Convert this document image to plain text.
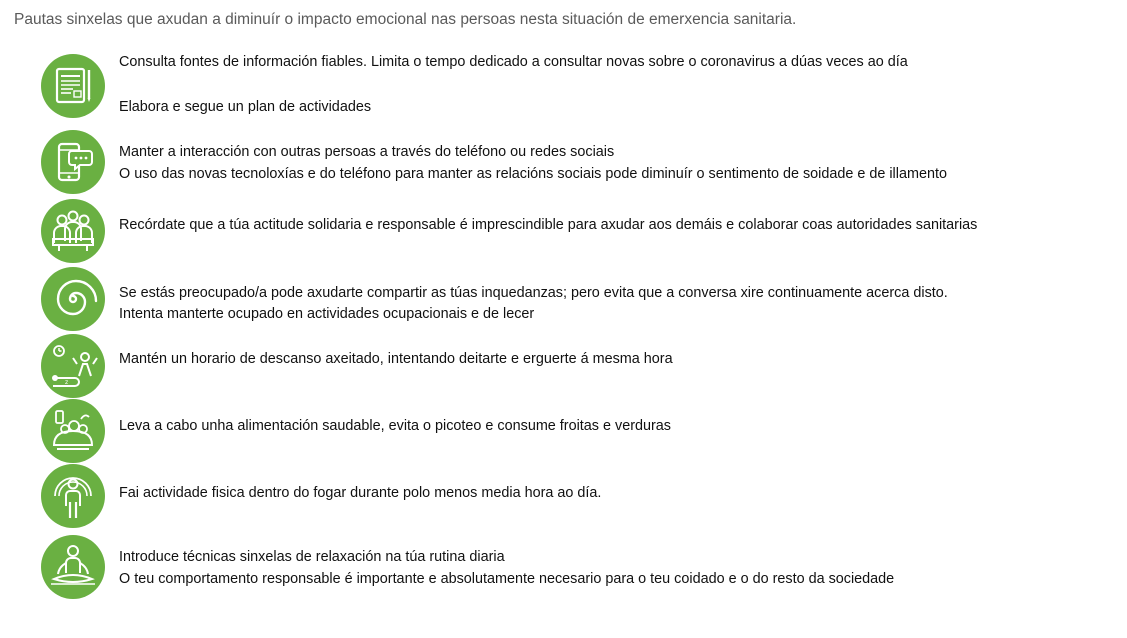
Pautas sinxelas que axudan a diminuír o impacto emocional nas persoas nesta situación de emerxencia sanitaria.
Consulta fontes de información fiables. Limita o tempo dedicado a consultar novas sobre o coronavirus a dúas veces ao día
Elabora e segue un plan de actividades
Manter a interacción con outras persoas a través do teléfono ou redes sociais
O uso das novas tecnoloxías e do teléfono para manter as relacións sociais pode diminuír o sentimento de soidade e de illamento
Recórdate que a túa actitude solidaria e responsable é imprescindible para axudar aos demáis e colaborar coas autoridades sanitarias
Se estás preocupado/a pode axudarte compartir as túas inquedanzas; pero evita que a conversa xire continuamente acerca disto.
Intenta manterte ocupado en actividades ocupacionais e de lecer
z
Mantén un horario de descanso axeitado, intentando deitarte e erguerte á mesma hora
Leva a cabo unha alimentación saudable, evita o picoteo e consume froitas e verduras
Fai actividade fisica dentro do fogar durante polo menos media hora ao día.
Introduce técnicas sinxelas de relaxación na túa rutina diaria
O teu comportamento responsable é importante e absolutamente necesario para o teu coidado e o do resto da sociedade
